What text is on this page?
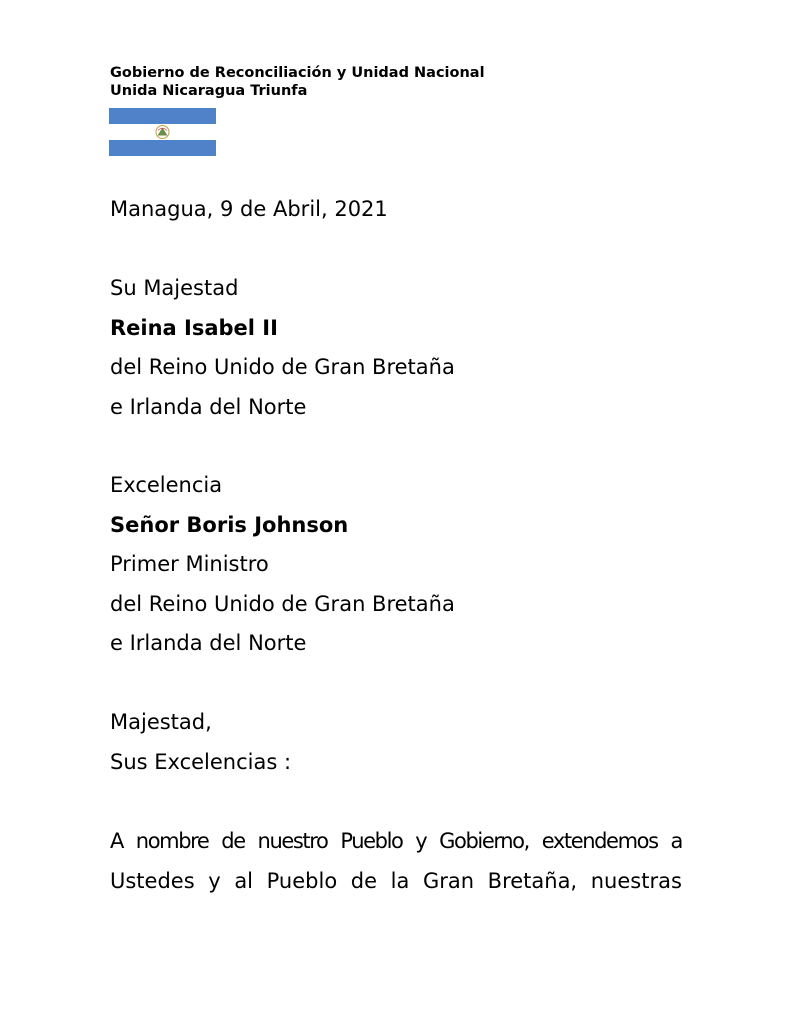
Gobierno de Reconciliación y Unidad Nacional
Unida Nicaragua Triunfa
Managua, 9 de Abril, 2021
Su Majestad
Reina Isabel II
del Reino Unido de Gran Bretaña
e Irlanda del Norte
Excelencia
Señor Boris Johnson
Primer Ministro
del Reino Unido de Gran Bretaña
e Irlanda del Norte
Majestad,
Sus Excelencias :
A nombre de nuestro Pueblo y Gobierno, extendemos a
Ustedes y al Pueblo de la Gran Bretaña, nuestras
